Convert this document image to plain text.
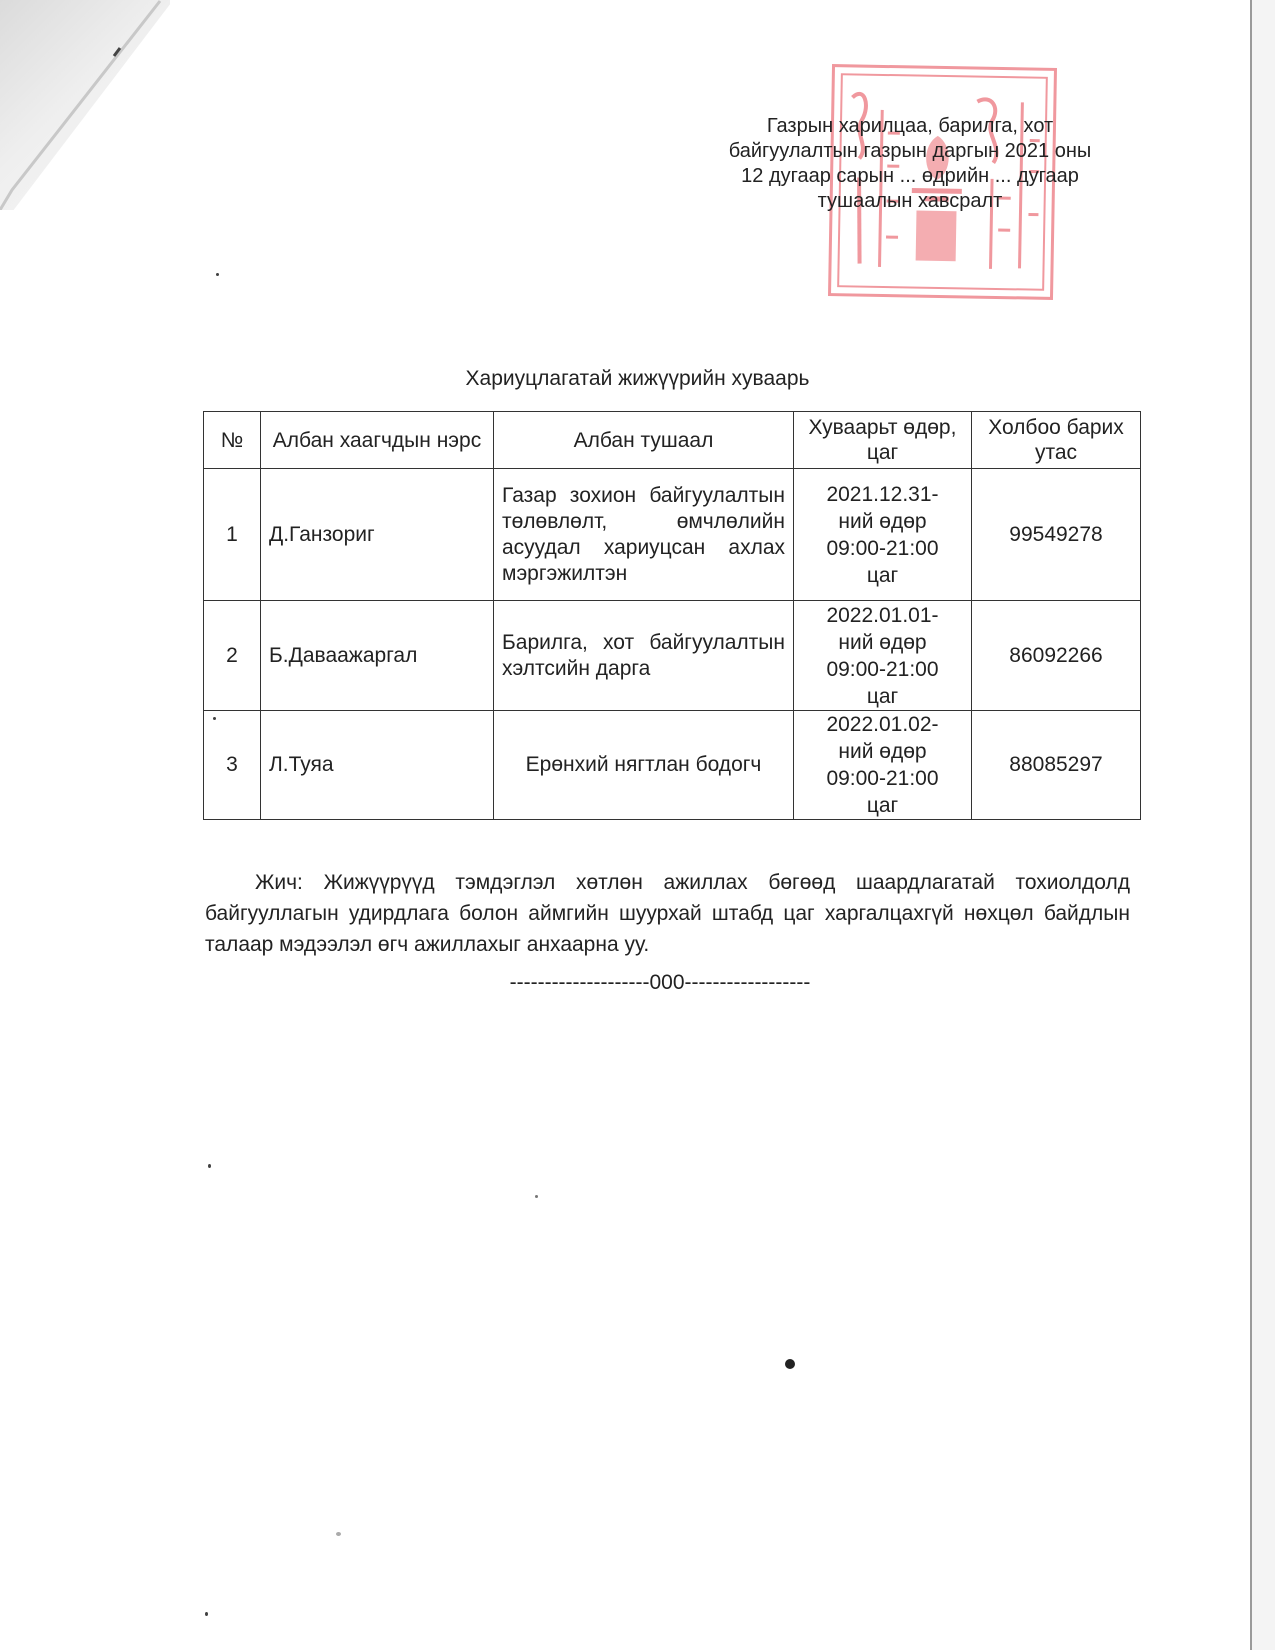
Газрын харилцаа, барилга, хот
байгуулалтын газрын даргын 2021 оны
12 дугаар сарын ... өдрийн ... дугаар
тушаалын хавсралт
Хариуцлагатай жижүүрийн хуваарь
№	Албан хаагчдын нэрс	Албан тушаал	Хуваарьт өдөр, цаг	Холбоо барих утас
1	Д.Ганзориг	Газар зохион байгуулалтын төлөвлөлт, өмчлөлийн асуудал хариуцсан ахлах мэргэжилтэн	2021.12.31-
ний өдөр
09:00-21:00
цаг	99549278
2	Б.Даваажаргал	Барилга, хот байгуулалтын хэлтсийн дарга	2022.01.01-
ний өдөр
09:00-21:00
цаг	86092266
3	Л.Туяа	Ерөнхий нягтлан бодогч	2022.01.02-
ний өдөр
09:00-21:00
цаг	88085297
Жич: Жижүүрүүд тэмдэглэл хөтлөн ажиллах бөгөөд шаардлагатай тохиолдолд байгууллагын удирдлага болон аймгийн шуурхай штабд цаг харгалцахгүй нөхцөл байдлын талаар мэдээлэл өгч ажиллахыг анхаарна уу.
--------------------000------------------
